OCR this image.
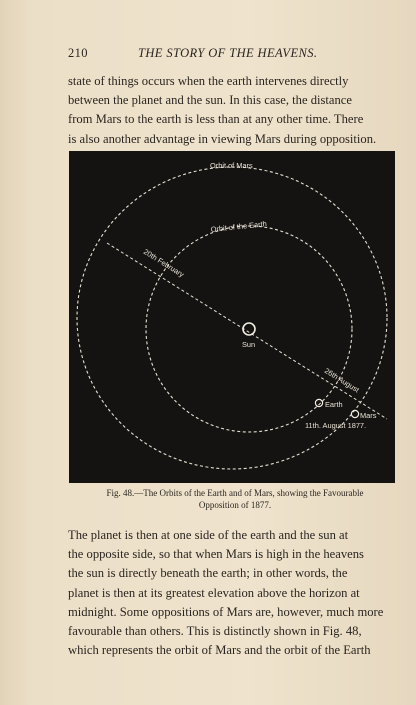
210	THE STORY OF THE HEAVENS.
state of things occurs when the earth intervenes directly
between the planet and the sun. In this case, the distance
from Mars to the earth is less than at any other time. There
is also another advantage in viewing Mars during opposition.
Orbit of Mars
Orbit of the Earth
20th February
Sun
26th August
Earth
Mars
11th. August 1877.
Fig. 48.—The Orbits of the Earth and of Mars, showing the Favourable
Opposition of 1877.
The planet is then at one side of the earth and the sun at
the opposite side, so that when Mars is high in the heavens
the sun is directly beneath the earth; in other words, the
planet is then at its greatest elevation above the horizon at
midnight. Some oppositions of Mars are, however, much more
favourable than others. This is distinctly shown in Fig. 48,
which represents the orbit of Mars and the orbit of the Earth
